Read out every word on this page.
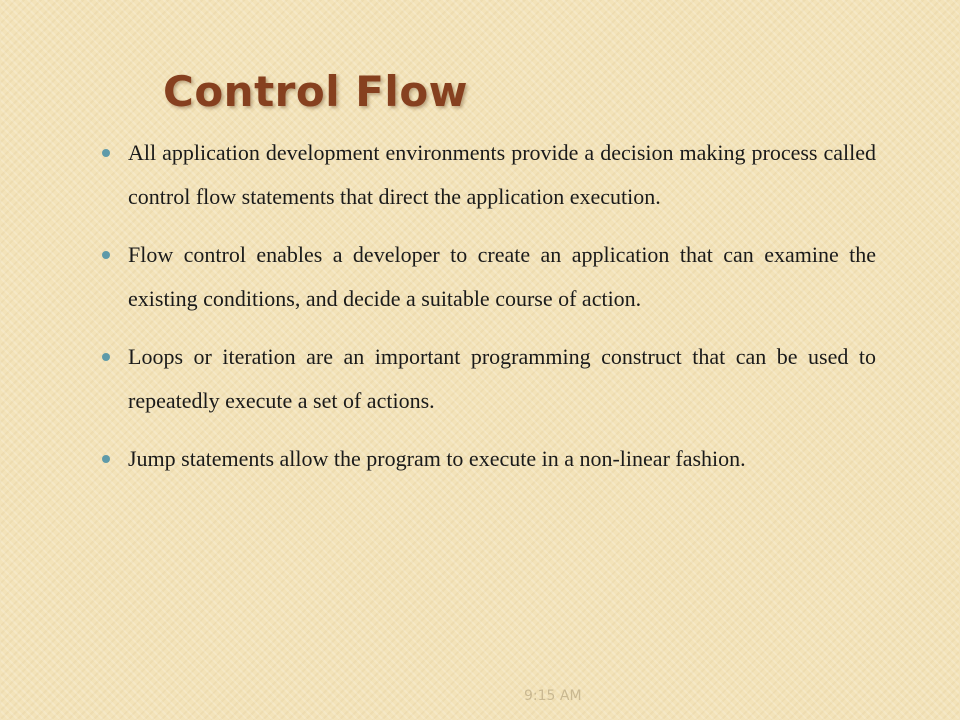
Control Flow
All application development environments provide a decision making process called control flow statements that direct the application execution.
Flow control enables a developer to create an application that can examine the existing conditions, and decide a suitable course of action.
Loops or iteration are an important programming construct that can be used to repeatedly execute a set of actions.
Jump statements allow the program to execute in a non-linear fashion.
9:15 AM
